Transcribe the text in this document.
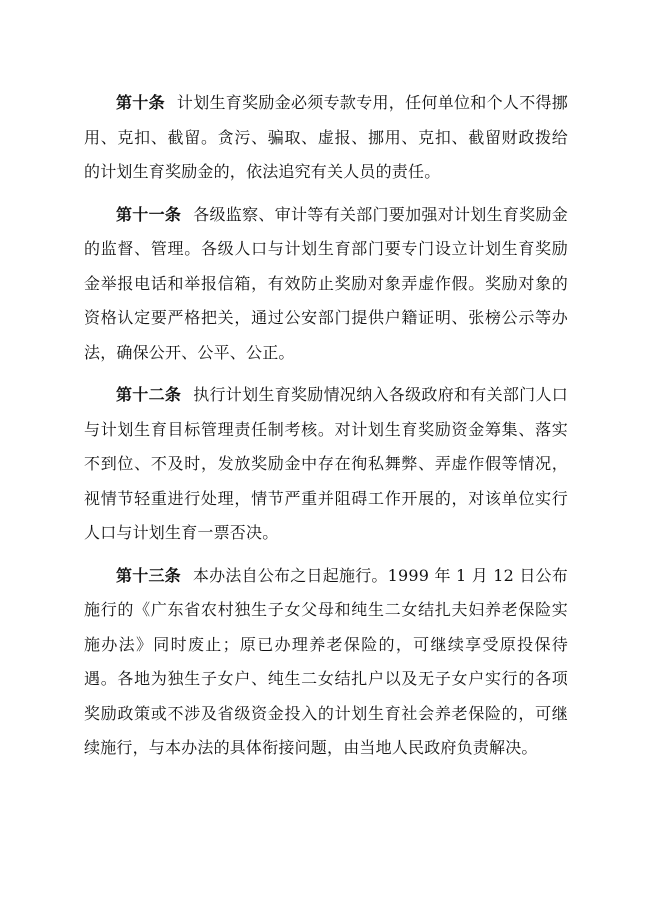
第十条 计划生育奖励金必须专款专用，任何单位和个人不得挪用、克扣、截留。贪污、骗取、虚报、挪用、克扣、截留财政拨给的计划生育奖励金的，依法追究有关人员的责任。

第十一条 各级监察、审计等有关部门要加强对计划生育奖励金的监督、管理。各级人口与计划生育部门要专门设立计划生育奖励金举报电话和举报信箱，有效防止奖励对象弄虚作假。奖励对象的资格认定要严格把关，通过公安部门提供户籍证明、张榜公示等办法，确保公开、公平、公正。

第十二条 执行计划生育奖励情况纳入各级政府和有关部门人口与计划生育目标管理责任制考核。对计划生育奖励资金筹集、落实不到位、不及时，发放奖励金中存在徇私舞弊、弄虚作假等情况，视情节轻重进行处理，情节严重并阻碍工作开展的，对该单位实行人口与计划生育一票否决。

第十三条 本办法自公布之日起施行。1999 年 1 月 12 日公布施行的《广东省农村独生子女父母和纯生二女结扎夫妇养老保险实施办法》同时废止；原已办理养老保险的，可继续享受原投保待遇。各地为独生子女户、纯生二女结扎户以及无子女户实行的各项奖励政策或不涉及省级资金投入的计划生育社会养老保险的，可继续施行，与本办法的具体衔接问题，由当地人民政府负责解决。
